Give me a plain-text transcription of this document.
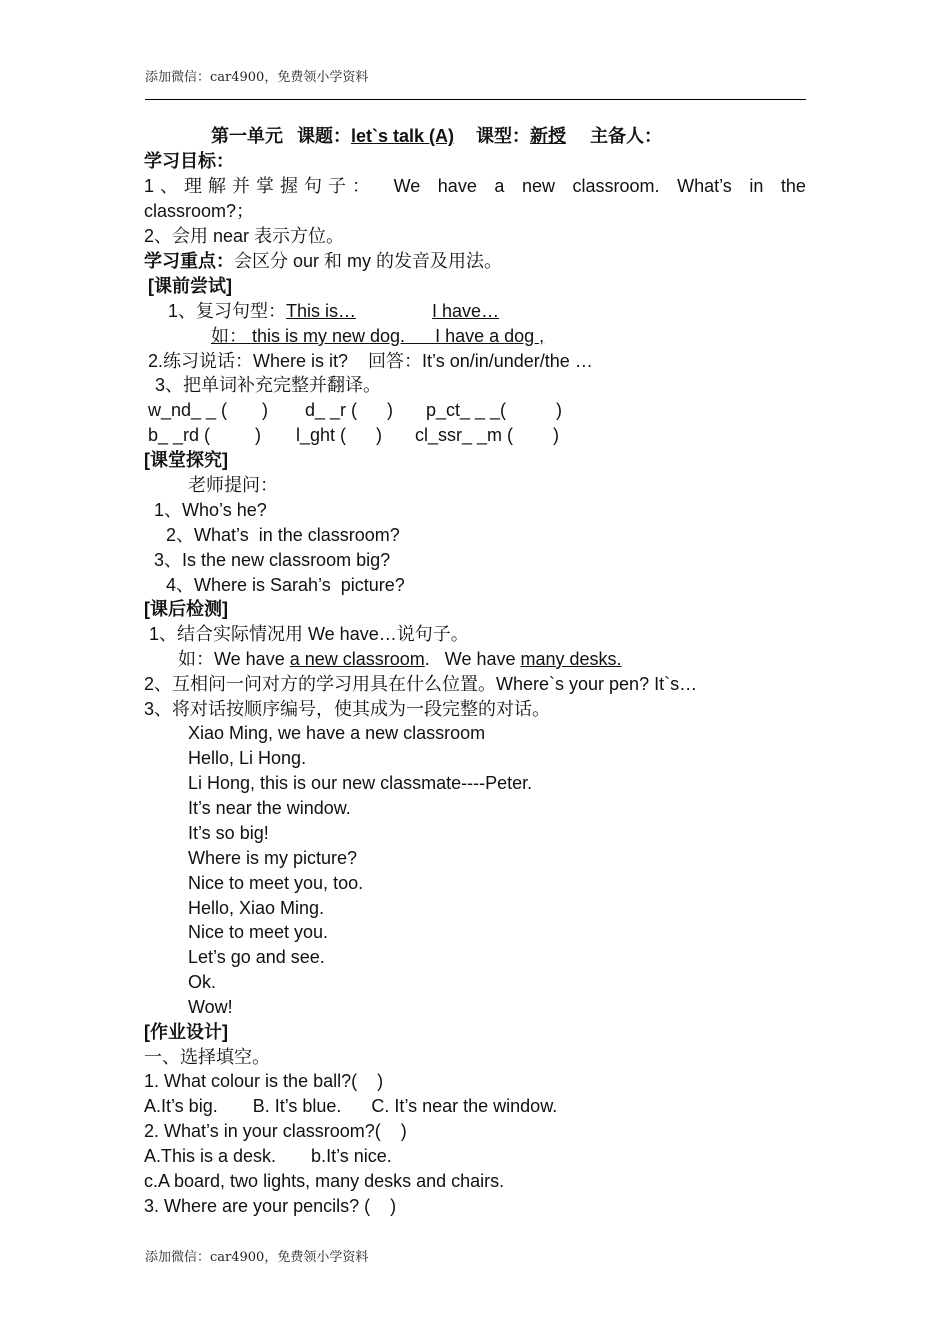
添加微信：car4900，免费领小学资料
第一单元 课题：let`s talk (A) 课型：新授 主备人：
学习目标：
1、理解并掌握句子： We have a new classroom. What’s in the
classroom?；
2、会用 near 表示方位。
学习重点：会区分 our 和 my 的发音及用法。
[课前尝试]
1、复习句型：This is…	I have…
如： this is my new dog.      I have a dog ,
2.练习说话：Where is it?    回答：It’s on/in/under/the …
3、把单词补充完整并翻译。
w_nd_ _ (       ) d_ _r (      ) p_ct_ _ _(          )
b_ _rd (         ) l_ght (      ) cl_ssr_ _m (        )
[课堂探究]
老师提问：
1、Who’s he?
2、What’s  in the classroom?
3、Is the new classroom big?
4、Where is Sarah’s  picture?
[课后检测]
1、结合实际情况用 We have…说句子。
如：We have a new classroom.   We have many desks.
2、互相问一问对方的学习用具在什么位置。Where`s your pen? It`s…
3、将对话按顺序编号，使其成为一段完整的对话。
Xiao Ming, we have a new classroom
Hello, Li Hong.
Li Hong, this is our new classmate----Peter.
It’s near the window.
It’s so big!
Where is my picture?
Nice to meet you, too.
Hello, Xiao Ming.
Nice to meet you.
Let’s go and see.
Ok.
Wow!
[作业设计]
一、选择填空。
1. What colour is the ball?(    )
A.It’s big.       B. It’s blue.      C. It’s near the window.
2. What’s in your classroom?(    )
A.This is a desk.       b.It’s nice.
c.A board, two lights, many desks and chairs.
3. Where are your pencils? (    )
添加微信：car4900，免费领小学资料
